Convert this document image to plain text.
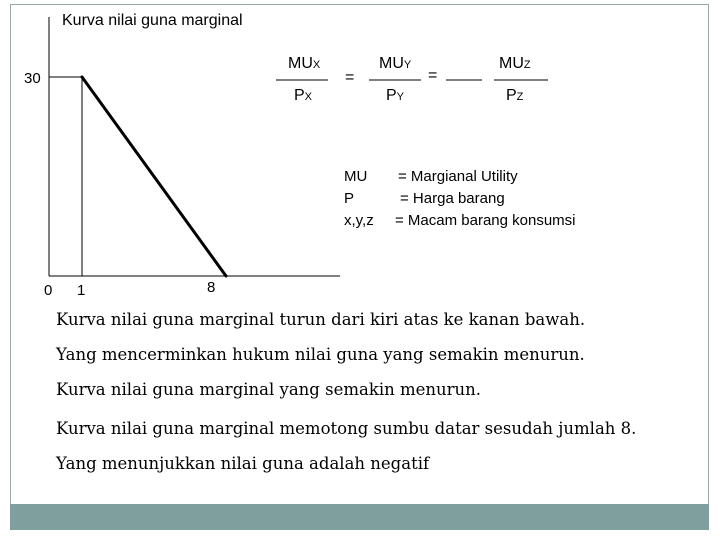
Kurva nilai guna marginal
30
0 1	8
MUX
PX
=
MUY
PY
=
MUZ
PZ
MU = Margianal Utility
P	= Harga barang
x,y,z = Macam barang konsumsi
Kurva nilai guna marginal turun dari kiri atas ke kanan bawah.
Yang mencerminkan hukum nilai guna yang semakin menurun.
Kurva nilai guna marginal yang semakin menurun.
Kurva nilai guna marginal memotong sumbu datar sesudah jumlah 8.
Yang menunjukkan nilai guna adalah negatif
